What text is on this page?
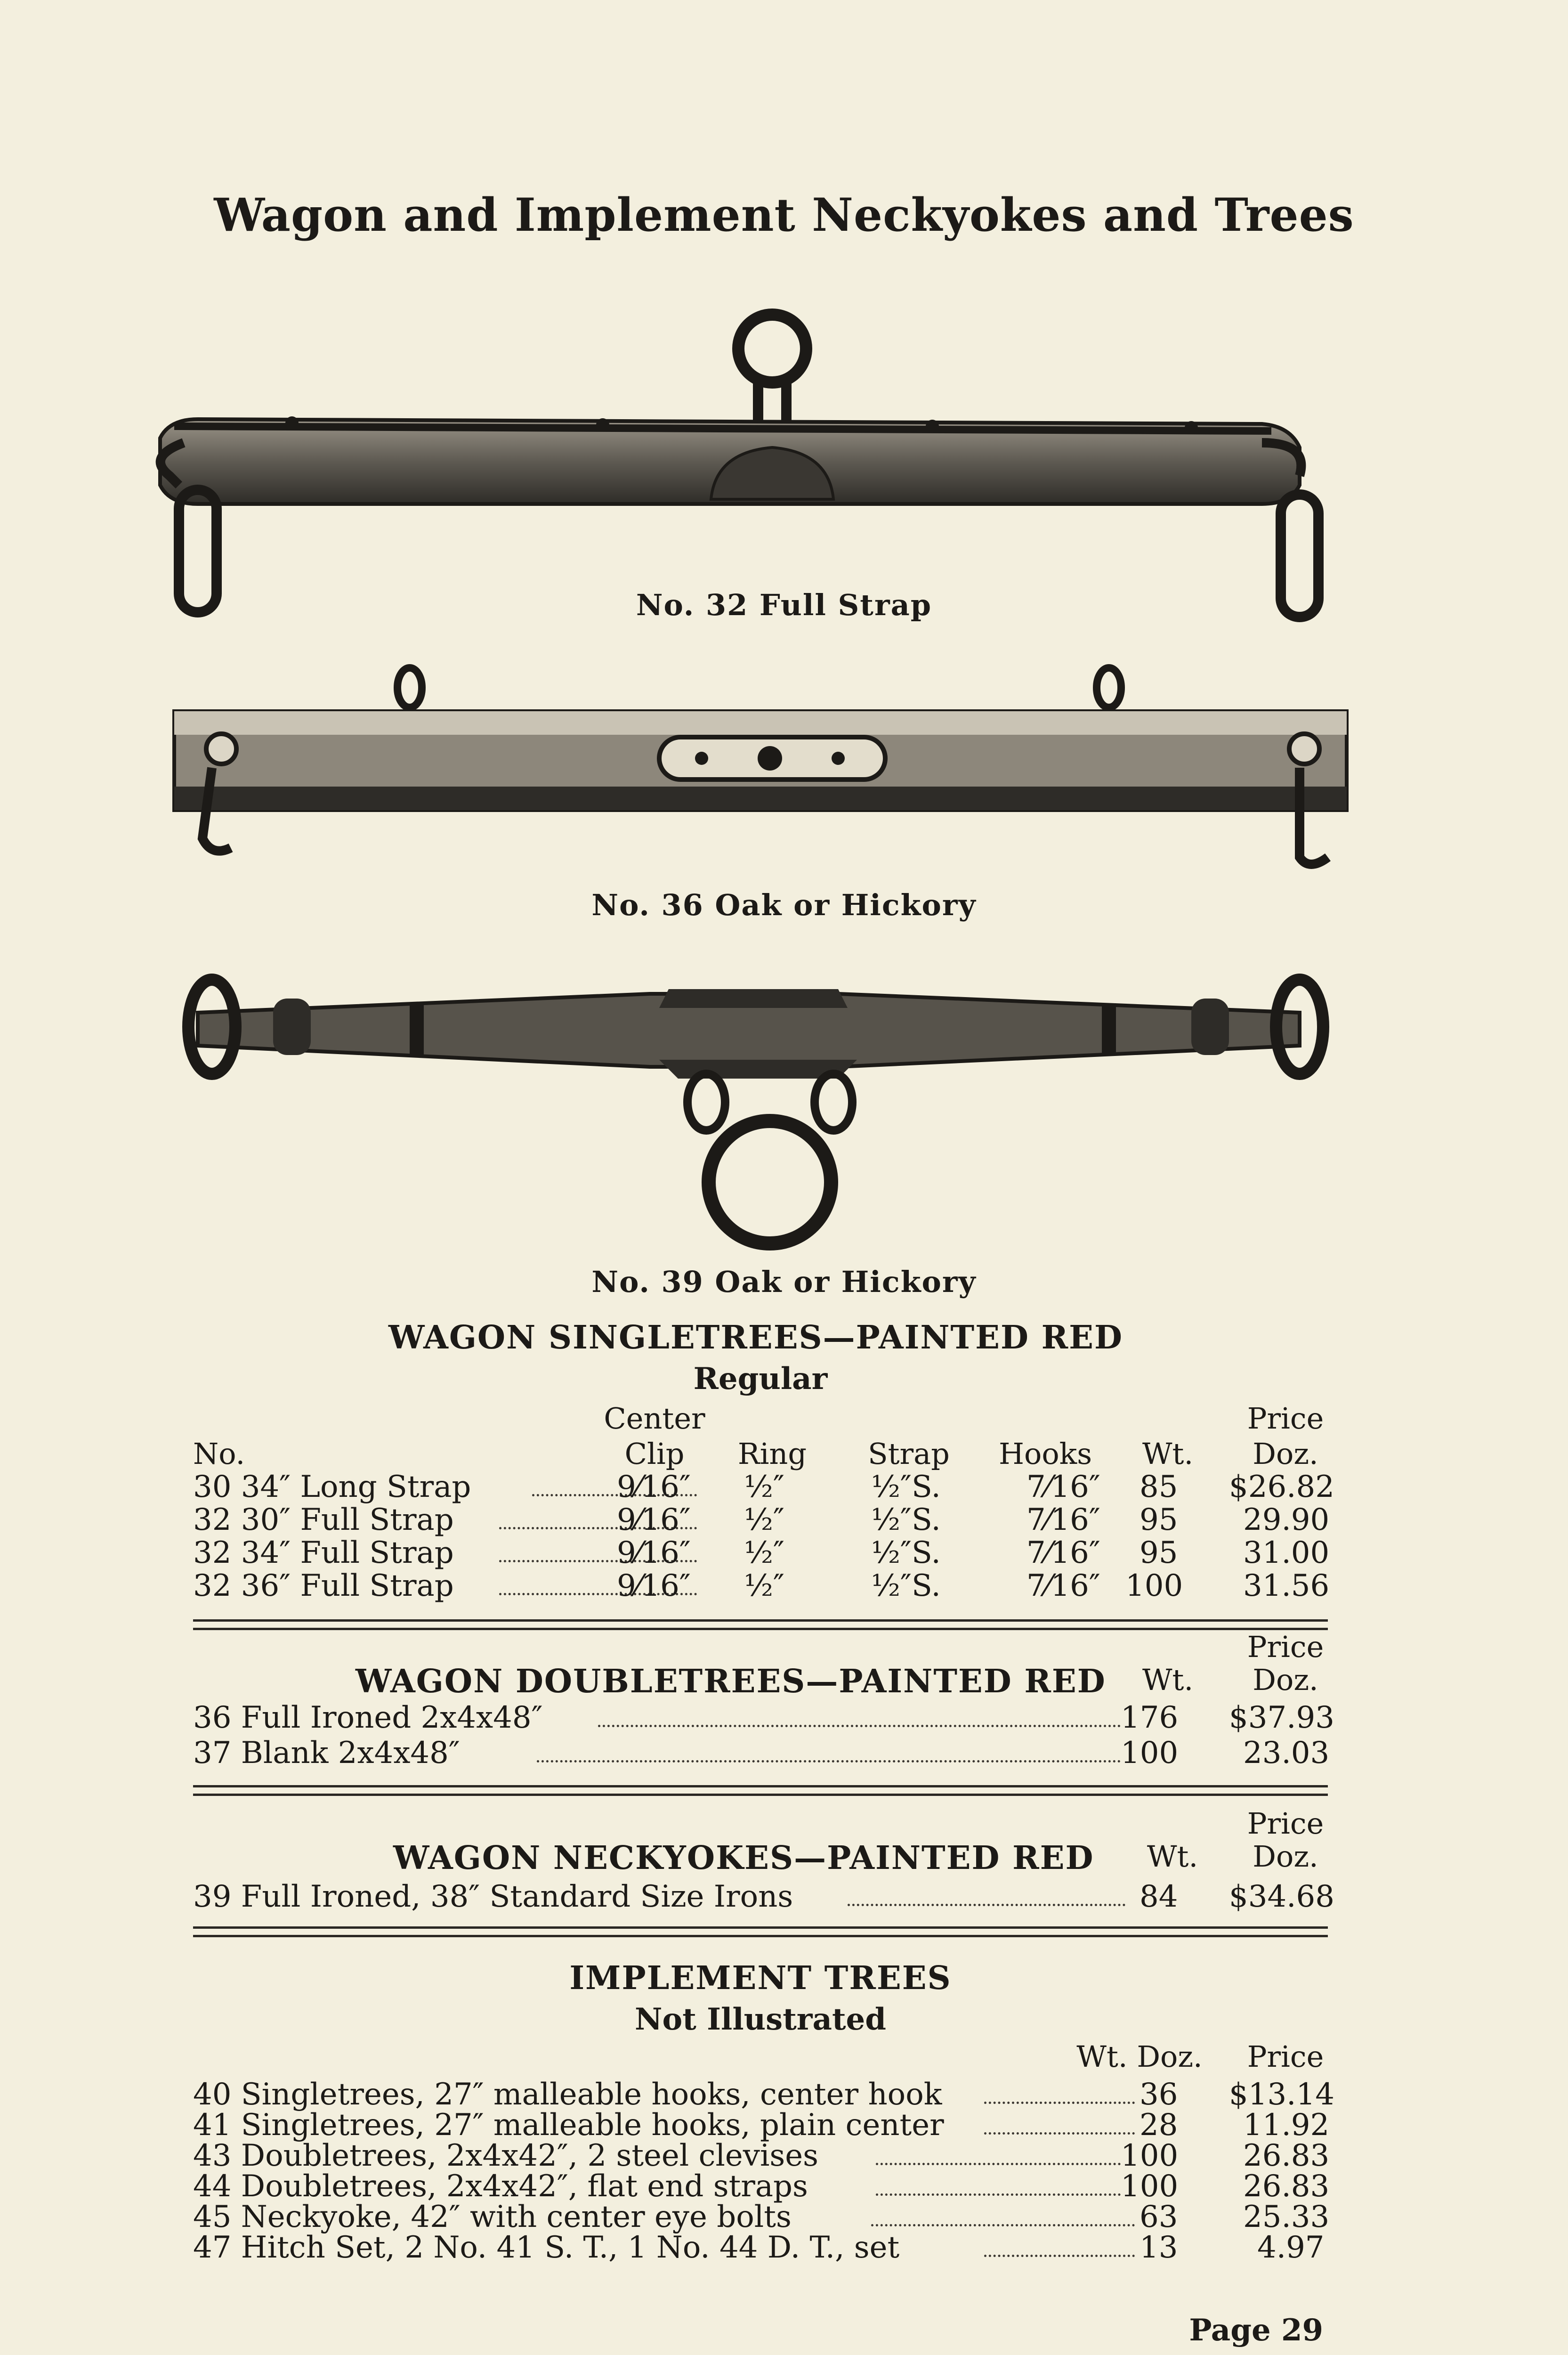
Wagon and Implement Neckyokes and Trees
No. 32 Full Strap
No. 36 Oak or Hickory
No. 39 Oak or Hickory
WAGON SINGLETREES—PAINTED RED
Regular
No.
Center
Clip	Ring	Strap	Hooks	Wt.
Price
Doz.
30 34″ Long Strap	9⁄16″ ½″	½″S.	7⁄16″ 85 $26.82
32 30″ Full Strap	9⁄16″ ½″	½″S.	7⁄16″ 95 29.90
32 34″ Full Strap	9⁄16″ ½″	½″S.	7⁄16″ 95 31.00
32 36″ Full Strap	9⁄16″ ½″	½″S.	7⁄16″ 100 31.56
Price
WAGON DOUBLETREES—PAINTED RED	Wt.	Doz.
36 Full Ironed 2x4x48″	176 $37.93
37 Blank 2x4x48″	100 23.03
Price
WAGON NECKYOKES—PAINTED RED	Wt.	Doz.
39 Full Ironed, 38″ Standard Size Irons	84 $34.68
IMPLEMENT TREES
Not Illustrated
Wt. Doz.	Price
40 Singletrees, 27″ malleable hooks, center hook	36 $13.14
41 Singletrees, 27″ malleable hooks, plain center	28 11.92
43 Doubletrees, 2x4x42″, 2 steel clevises	100 26.83
44 Doubletrees, 2x4x42″, flat end straps	100 26.83
45 Neckyoke, 42″ with center eye bolts	63 25.33
47 Hitch Set, 2 No. 41 S. T., 1 No. 44 D. T., set	13	4.97
Page 29
